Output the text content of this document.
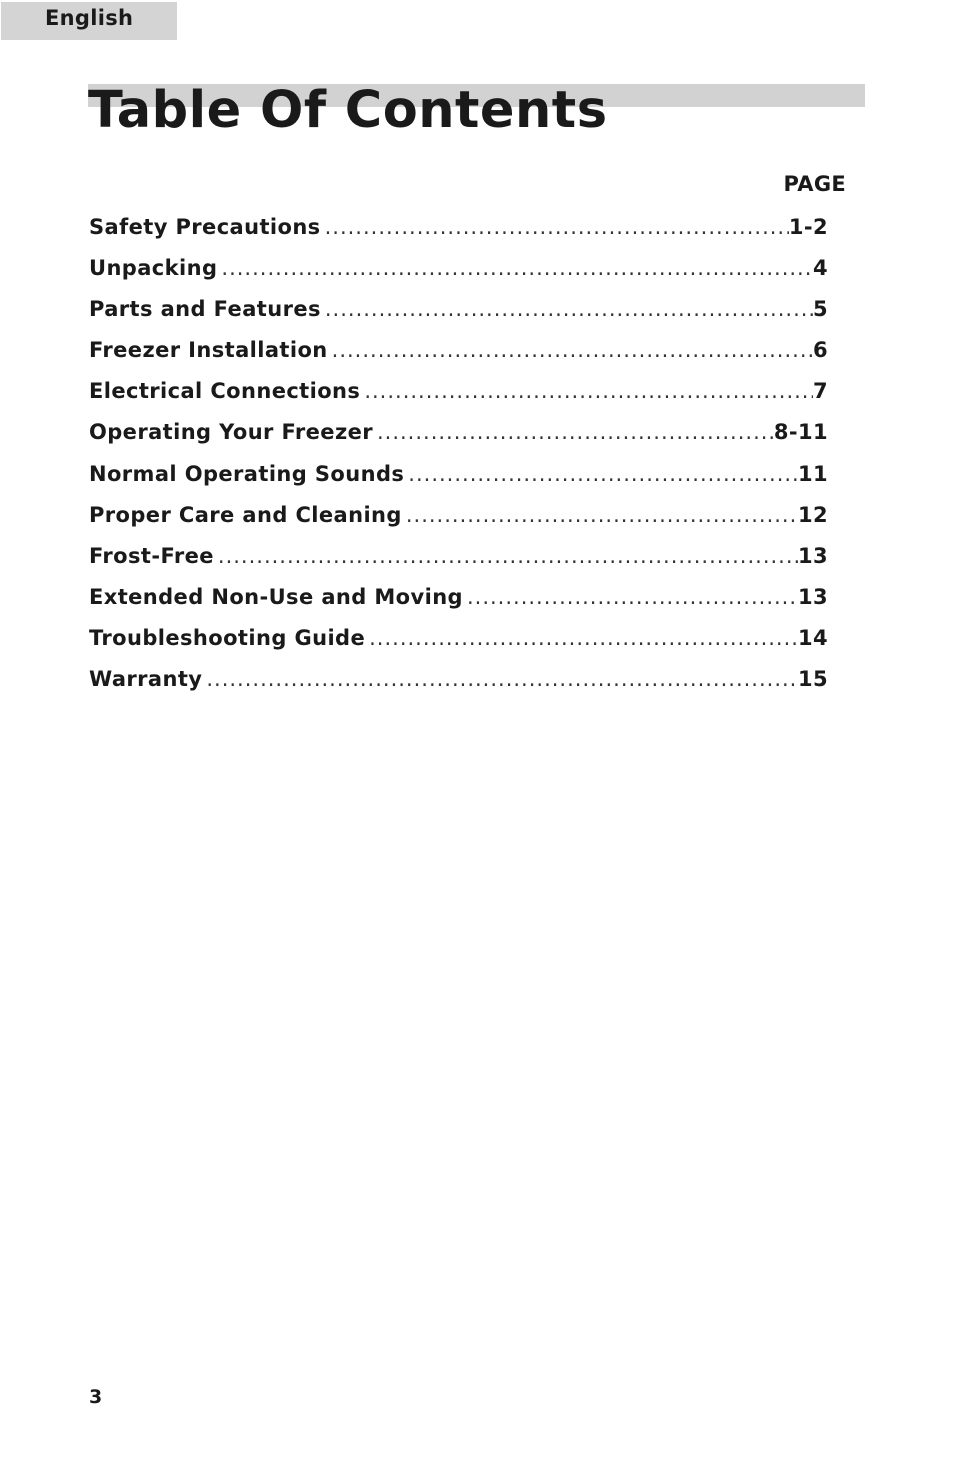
English
Table Of Contents
PAGE
Safety Precautions .....	1-2
Unpacking .....	4
Parts and Features .....	5
Freezer Installation .....	6
Electrical Connections .....	7
Operating Your Freezer .....	8-11
Normal Operating Sounds .....	11
Proper Care and Cleaning .....	12
Frost-Free .....	13
Extended Non-Use and Moving .....	13
Troubleshooting Guide .....	14
Warranty .....	15
3
